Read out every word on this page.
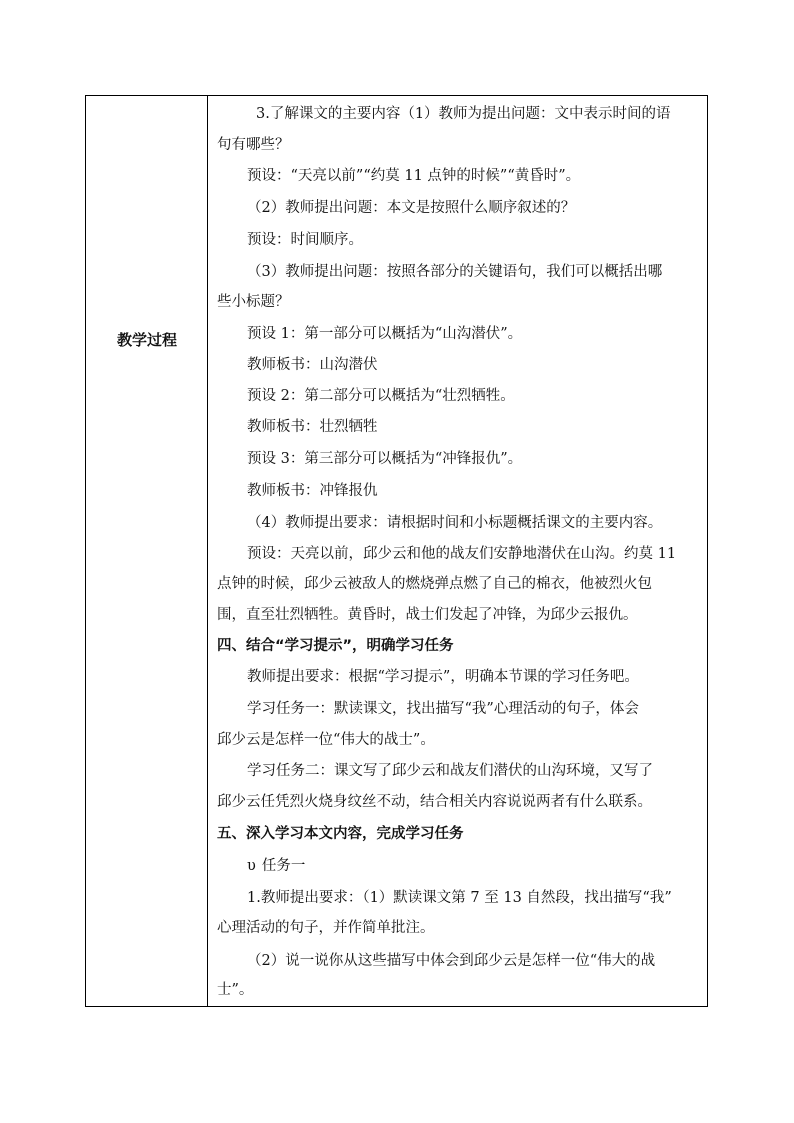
教学过程
3.了解课文的主要内容（1）教师为提出问题：文中表示时间的语
句有哪些？
预设：“天亮以前”“约莫 11 点钟的时候”“黄昏时”。
（2）教师提出问题：本文是按照什么顺序叙述的？
预设：时间顺序。
（3）教师提出问题：按照各部分的关键语句，我们可以概括出哪
些小标题？
预设 1：第一部分可以概括为“山沟潜伏”。
教师板书：山沟潜伏
预设 2：第二部分可以概括为“壮烈牺牲。
教师板书：壮烈牺牲
预设 3：第三部分可以概括为“冲锋报仇”。
教师板书：冲锋报仇
（4）教师提出要求：请根据时间和小标题概括课文的主要内容。
预设：天亮以前，邱少云和他的战友们安静地潜伏在山沟。约莫 11
点钟的时候，邱少云被敌人的燃烧弹点燃了自己的棉衣，他被烈火包
围，直至壮烈牺牲。黄昏时，战士们发起了冲锋，为邱少云报仇。
四、结合“学习提示”，明确学习任务
教师提出要求：根据“学习提示”，明确本节课的学习任务吧。
学习任务一：默读课文，找出描写“我”心理活动的句子，体会
邱少云是怎样一位“伟大的战士”。
学习任务二：课文写了邱少云和战友们潜伏的山沟环境，又写了
邱少云任凭烈火烧身纹丝不动，结合相关内容说说两者有什么联系。
五、深入学习本文内容，完成学习任务
υ 任务一
1.教师提出要求：（1）默读课文第 7 至 13 自然段，找出描写“我”
心理活动的句子，并作简单批注。
（2）说一说你从这些描写中体会到邱少云是怎样一位“伟大的战
士”。
